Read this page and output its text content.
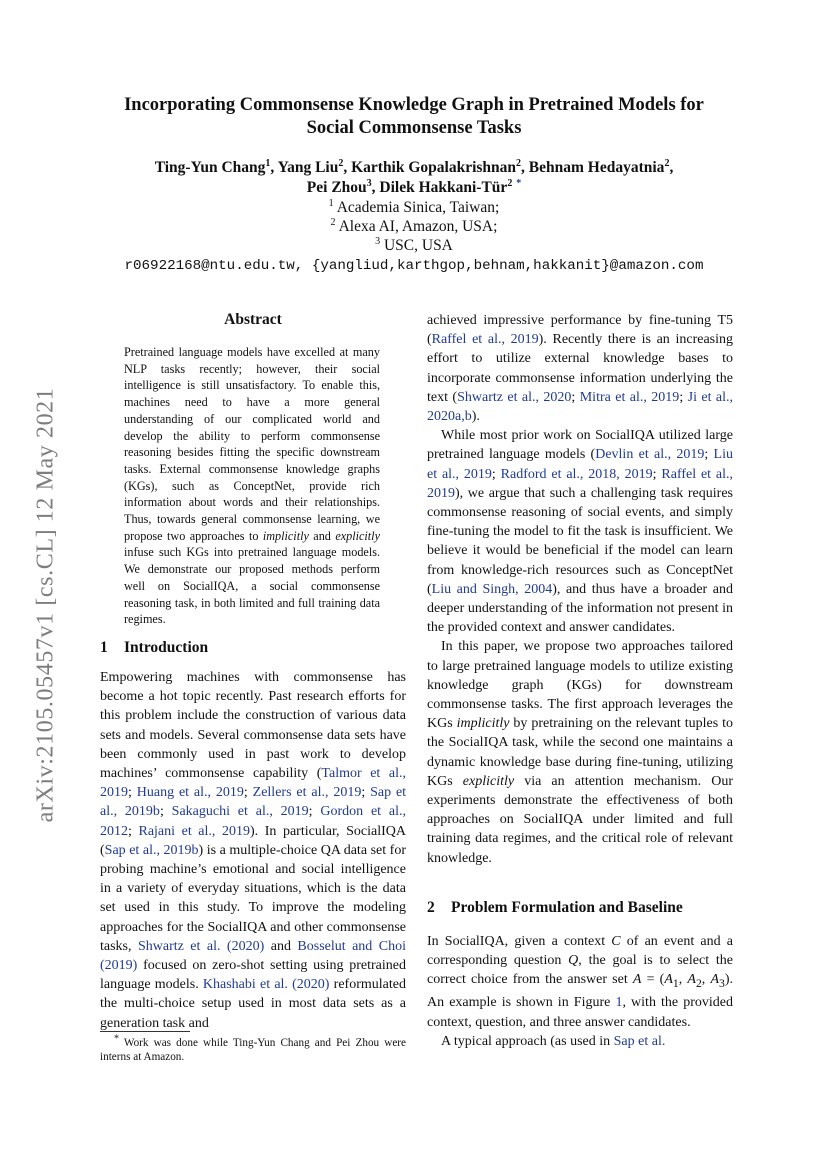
arXiv:2105.05457v1 [cs.CL] 12 May 2021
Incorporating Commonsense Knowledge Graph in Pretrained Models for
Social Commonsense Tasks
Ting-Yun Chang$^1$, Yang Liu$^2$, Karthik Gopalakrishnan$^2$, Behnam Hedayatnia$^2$,
Pei Zhou$^3$, Dilek Hakkani-Tür$^2$ *
$^1$ Academia Sinica, Taiwan;
$^2$ Alexa AI, Amazon, USA;
$^3$ USC, USA
r06922168@ntu.edu.tw, {yangliud,karthgop,behnam,hakkanit}@amazon.com
Abstract
Pretrained language models have excelled at many NLP tasks recently; however, their social intelligence is still unsatisfactory. To enable this, machines need to have a more general understanding of our complicated world and develop the ability to perform commonsense reasoning besides fitting the specific downstream tasks. External commonsense knowledge graphs (KGs), such as ConceptNet, provide rich information about words and their relationships. Thus, towards general commonsense learning, we propose two approaches to implicitly and explicitly infuse such KGs into pretrained language models. We demonstrate our proposed methods perform well on SocialIQA, a social commonsense reasoning task, in both limited and full training data regimes.
1 Introduction

Empowering machines with commonsense has become a hot topic recently. Past research efforts for this problem include the construction of various data sets and models. Several commonsense data sets have been commonly used in past work to develop machines’ commonsense capability (Talmor et al., 2019; Huang et al., 2019; Zellers et al., 2019; Sap et al., 2019b; Sakaguchi et al., 2019; Gordon et al., 2012; Rajani et al., 2019). In particular, SocialIQA (Sap et al., 2019b) is a multiple-choice QA data set for probing machine’s emotional and social intelligence in a variety of everyday situations, which is the data set used in this study. To improve the modeling approaches for the SocialIQA and other commonsense tasks, Shwartz et al. (2020) and Bosselut and Choi (2019) focused on zero-shot setting using pretrained language models. Khashabi et al. (2020) reformulated the multi-choice setup used in most data sets as a generation task and

* Work was done while Ting-Yun Chang and Pei Zhou were interns at Amazon.

achieved impressive performance by fine-tuning T5 (Raffel et al., 2019). Recently there is an increasing effort to utilize external knowledge bases to incorporate commonsense information underlying the text (Shwartz et al., 2020; Mitra et al., 2019; Ji et al., 2020a,b).

While most prior work on SocialIQA utilized large pretrained language models (Devlin et al., 2019; Liu et al., 2019; Radford et al., 2018, 2019; Raffel et al., 2019), we argue that such a challenging task requires commonsense reasoning of social events, and simply fine-tuning the model to fit the task is insufficient. We believe it would be beneficial if the model can learn from knowledge-rich resources such as ConceptNet (Liu and Singh, 2004), and thus have a broader and deeper understanding of the information not present in the provided context and answer candidates.

In this paper, we propose two approaches tailored to large pretrained language models to utilize existing knowledge graph (KGs) for downstream commonsense tasks. The first approach leverages the KGs implicitly by pretraining on the relevant tuples to the SocialIQA task, while the second one maintains a dynamic knowledge base during fine-tuning, utilizing KGs explicitly via an attention mechanism. Our experiments demonstrate the effectiveness of both approaches on SocialIQA under limited and full training data regimes, and the critical role of relevant knowledge.

2 Problem Formulation and Baseline

In SocialIQA, given a context C of an event and a corresponding question Q, the goal is to select the correct choice from the answer set $A = (A_1$, $A_2$, $A_3$). An example is shown in Figure 1, with the provided context, question, and three answer candidates.

A typical approach (as used in Sap et al.
